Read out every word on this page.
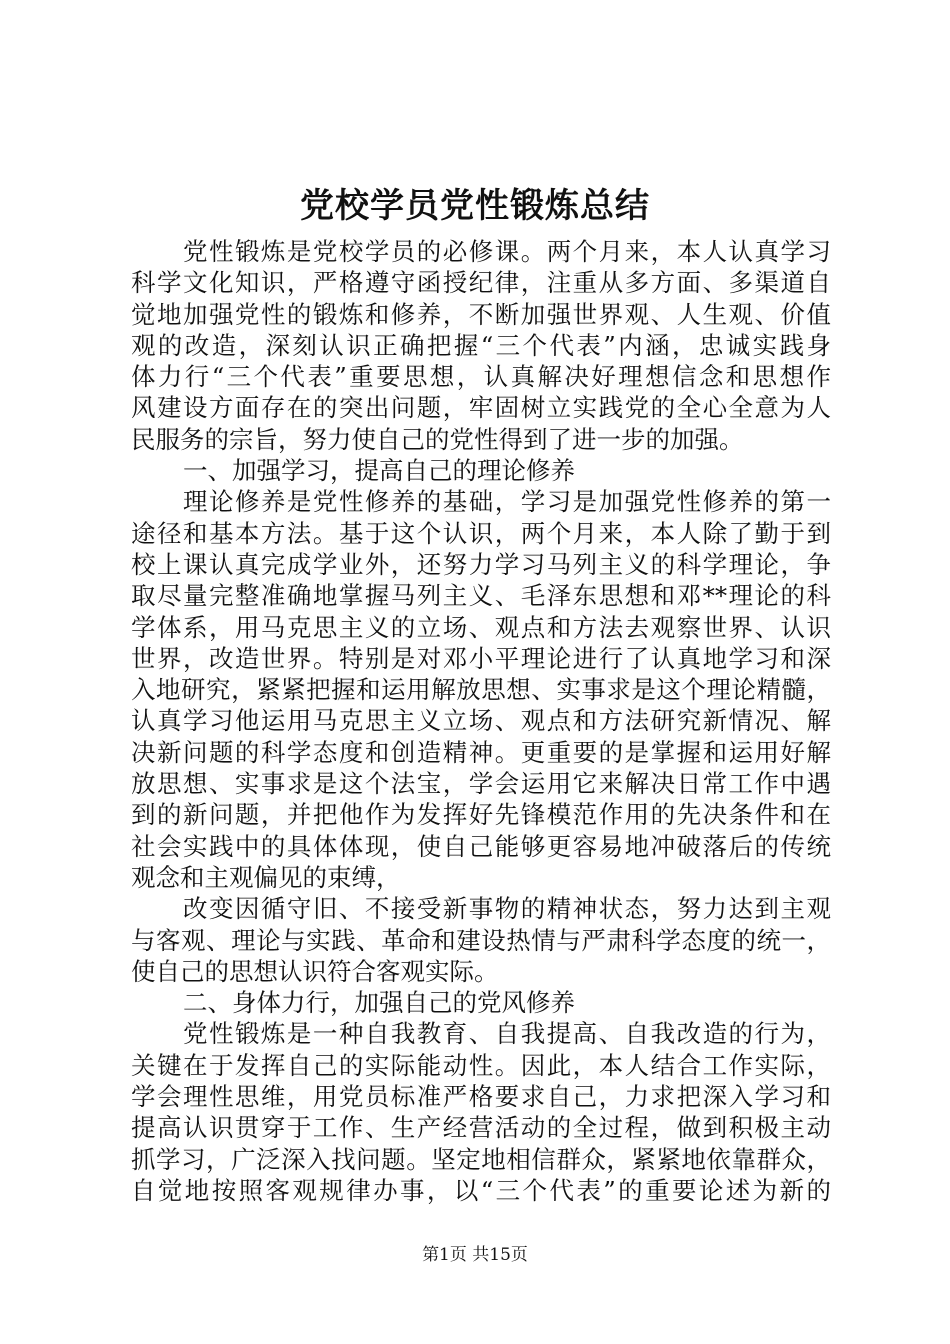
党校学员党性锻炼总结
党性锻炼是党校学员的必修课。两个月来，本人认真学习
科学文化知识，严格遵守函授纪律，注重从多方面、多渠道自
觉地加强党性的锻炼和修养，不断加强世界观、人生观、价值
观的改造，深刻认识正确把握“三个代表”内涵，忠诚实践身
体力行“三个代表”重要思想，认真解决好理想信念和思想作
风建设方面存在的突出问题，牢固树立实践党的全心全意为人
民服务的宗旨，努力使自己的党性得到了进一步的加强。
一、加强学习，提高自己的理论修养
理论修养是党性修养的基础，学习是加强党性修养的第一
途径和基本方法。基于这个认识，两个月来，本人除了勤于到
校上课认真完成学业外，还努力学习马列主义的科学理论，争
取尽量完整准确地掌握马列主义、毛泽东思想和邓**理论的科
学体系，用马克思主义的立场、观点和方法去观察世界、认识
世界，改造世界。特别是对邓小平理论进行了认真地学习和深
入地研究，紧紧把握和运用解放思想、实事求是这个理论精髓，
认真学习他运用马克思主义立场、观点和方法研究新情况、解
决新问题的科学态度和创造精神。更重要的是掌握和运用好解
放思想、实事求是这个法宝，学会运用它来解决日常工作中遇
到的新问题，并把他作为发挥好先锋模范作用的先决条件和在
社会实践中的具体体现，使自己能够更容易地冲破落后的传统
观念和主观偏见的束缚，
改变因循守旧、不接受新事物的精神状态，努力达到主观
与客观、理论与实践、革命和建设热情与严肃科学态度的统一，
使自己的思想认识符合客观实际。
二、身体力行，加强自己的党风修养
党性锻炼是一种自我教育、自我提高、自我改造的行为，
关键在于发挥自己的实际能动性。因此，本人结合工作实际，
学会理性思维，用党员标准严格要求自己，力求把深入学习和
提高认识贯穿于工作、生产经营活动的全过程，做到积极主动
抓学习，广泛深入找问题。坚定地相信群众，紧紧地依靠群众，
自觉地按照客观规律办事，以“三个代表”的重要论述为新的
第1页 共15页
